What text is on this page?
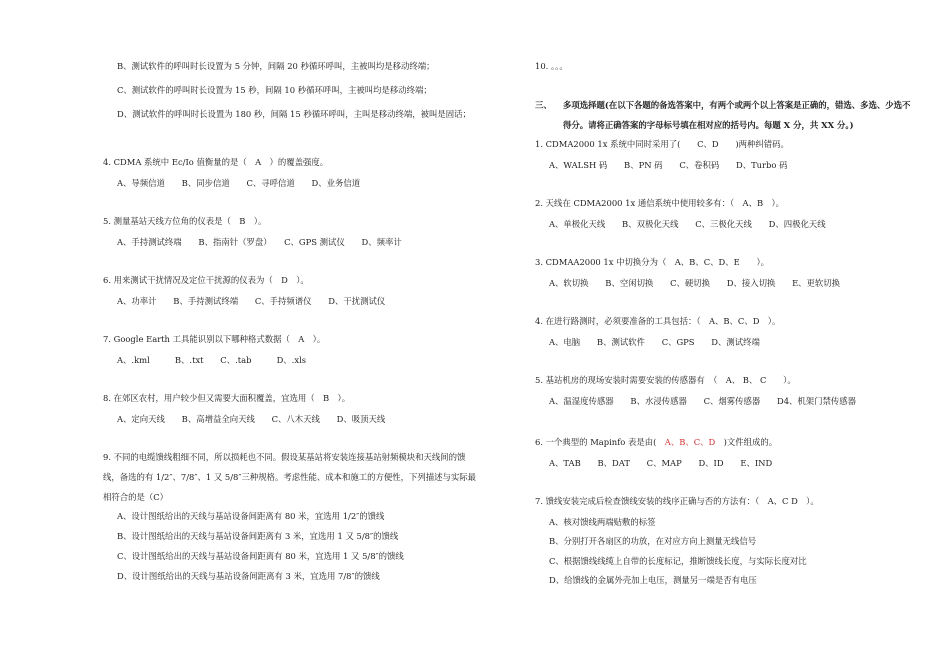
B、测试软件的呼叫时长设置为 5 分钟，间隔 20 秒循环呼叫，主被叫均是移动终端；
C、测试软件的呼叫时长设置为 15 秒，间隔 10 秒循环呼叫，主被叫均是移动终端；
D、测试软件的呼叫时长设置为 180 秒，间隔 15 秒循环呼叫，主叫是移动终端，被叫是固话；
4. CDMA 系统中 Ec/Io 值衡量的是（　A　）的覆盖强度。
A、导频信道　　B、同步信道　　C、寻呼信道　　D、业务信道
5. 测量基站天线方位角的仪表是（　B　）。
A、手持测试终端　　B、指南针（罗盘）　　C、GPS 测试仪　　D、频率计
6. 用来测试干扰情况及定位干扰源的仪表为（　D　）。
A、功率计　　B、手持测试终端　　C、手持频谱仪　　D、干扰测试仪
7. Google Earth 工具能识别以下哪种格式数据（　A　）。
A、.kml　　　B、.txt　　C、.tab　　　D、.xls
8. 在郊区农村，用户较少但又需要大面积覆盖，宜选用（　B　）。
A、定向天线　　B、高增益全向天线　　C、八木天线　　D、吸顶天线
9. 不同的电缆馈线粗细不同，所以损耗也不同。假设某基站将安装连接基站射频模块和天线间的馈
线，备选的有 1/2″、7/8″、1 又 5/8″三种规格。考虑性能、成本和施工的方便性，下列描述与实际最
相符合的是（C）
A、设计图纸给出的天线与基站设备间距离有 80 米，宜选用 1/2″的馈线
B、设计图纸给出的天线与基站设备间距离有 3 米，宜选用 1 又 5/8″的馈线
C、设计图纸给出的天线与基站设备间距离有 80 米，宜选用 1 又 5/8″的馈线
D、设计图纸给出的天线与基站设备间距离有 3 米，宜选用 7/8″的馈线
10. 。。。
三、 多项选择题(在以下各题的备选答案中，有两个或两个以上答案是正确的，错选、多选、少选不
得分。请将正确答案的字母标号填在相对应的括号内。每题 X 分，共 XX 分。)
1. CDMA2000 1x 系统中同时采用了(　　C、D　　)两种纠错码。
A、WALSH 码　　B、PN 码　　C、卷积码　　D、Turbo 码
2. 天线在 CDMA2000 1x 通信系统中使用较多有：（　A、B　）。
A、单极化天线　　B、双极化天线　　C、三极化天线　　D、四极化天线
3. CDMAA2000 1x 中切换分为（　A、B、C、D、E　　）。
A、软切换　　B、空闲切换　　C、硬切换　　D、接入切换　　E、更软切换
4. 在进行路测时，必须要准备的工具包括：（　A、B、C、D　）。
A、电脑　　B、测试软件　　C、GPS　　D、测试终端
5. 基站机房的现场安装时需要安装的传感器有　（　A、 B、 C　　）。
A、温湿度传感器　　B、水浸传感器　　C、烟雾传感器　　D4、机架门禁传感器
6. 一个典型的 Mapinfo 表是由(　A、B、C、D　)文件组成的。
A、TAB　　B、DAT　　C、MAP　　D、ID　　E、IND
7. 馈线安装完成后检查馈线安装的线序正确与否的方法有：（　A、C D　）。
A、核对馈线两端贴敷的标签
B、分别打开各扇区的功放，在对应方向上测量无线信号
C、根据馈线线缆上自带的长度标记，推断馈线长度，与实际长度对比
D、给馈线的金属外壳加上电压，测量另一端是否有电压
